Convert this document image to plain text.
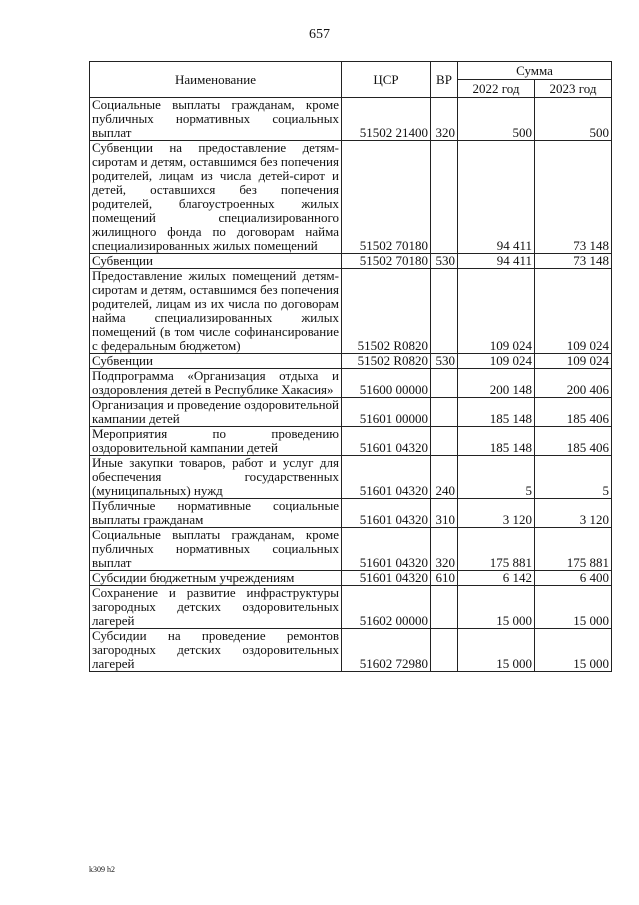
657
Наименование	ЦСР	ВР	Сумма	
			2022 год	2023 год
Социальные выплаты гражданам, кроме публичных нормативных социальных выплат	51502 21400	320	500	500
Субвенции на предоставление детям-сиротам и детям, оставшимся без попечения родителей, лицам из числа детей-сирот и детей, оставшихся без попечения родителей, благоустроенных жилых помещений специализированного жилищного фонда по договорам найма специализированных жилых помещений	51502 70180		94 411	73 148
Субвенции	51502 70180	530	94 411	73 148
Предоставление жилых помещений детям-сиротам и детям, оставшимся без попечения родителей, лицам из их числа по договорам найма специализированных жилых помещений (в том числе софинансирование с федеральным бюджетом)	51502 R0820		109 024	109 024
Субвенции	51502 R0820	530	109 024	109 024
Подпрограмма «Организация отдыха и оздоровления детей в Республике Хакасия»	51600 00000		200 148	200 406
Организация и проведение оздоровительной кампании детей	51601 00000		185 148	185 406
Мероприятия по проведению оздоровительной кампании детей	51601 04320		185 148	185 406
Иные закупки товаров, работ и услуг для обеспечения государственных (муниципальных) нужд	51601 04320	240	5	5
Публичные нормативные социальные выплаты гражданам	51601 04320	310	3 120	3 120
Социальные выплаты гражданам, кроме публичных нормативных социальных выплат	51601 04320	320	175 881	175 881
Субсидии бюджетным учреждениям	51601 04320	610	6 142	6 400
Сохранение и развитие инфраструктуры загородных детских оздоровительных лагерей	51602 00000		15 000	15 000
Субсидии на проведение ремонтов загородных детских оздоровительных лагерей	51602 72980		15 000	15 000
k309 h2
